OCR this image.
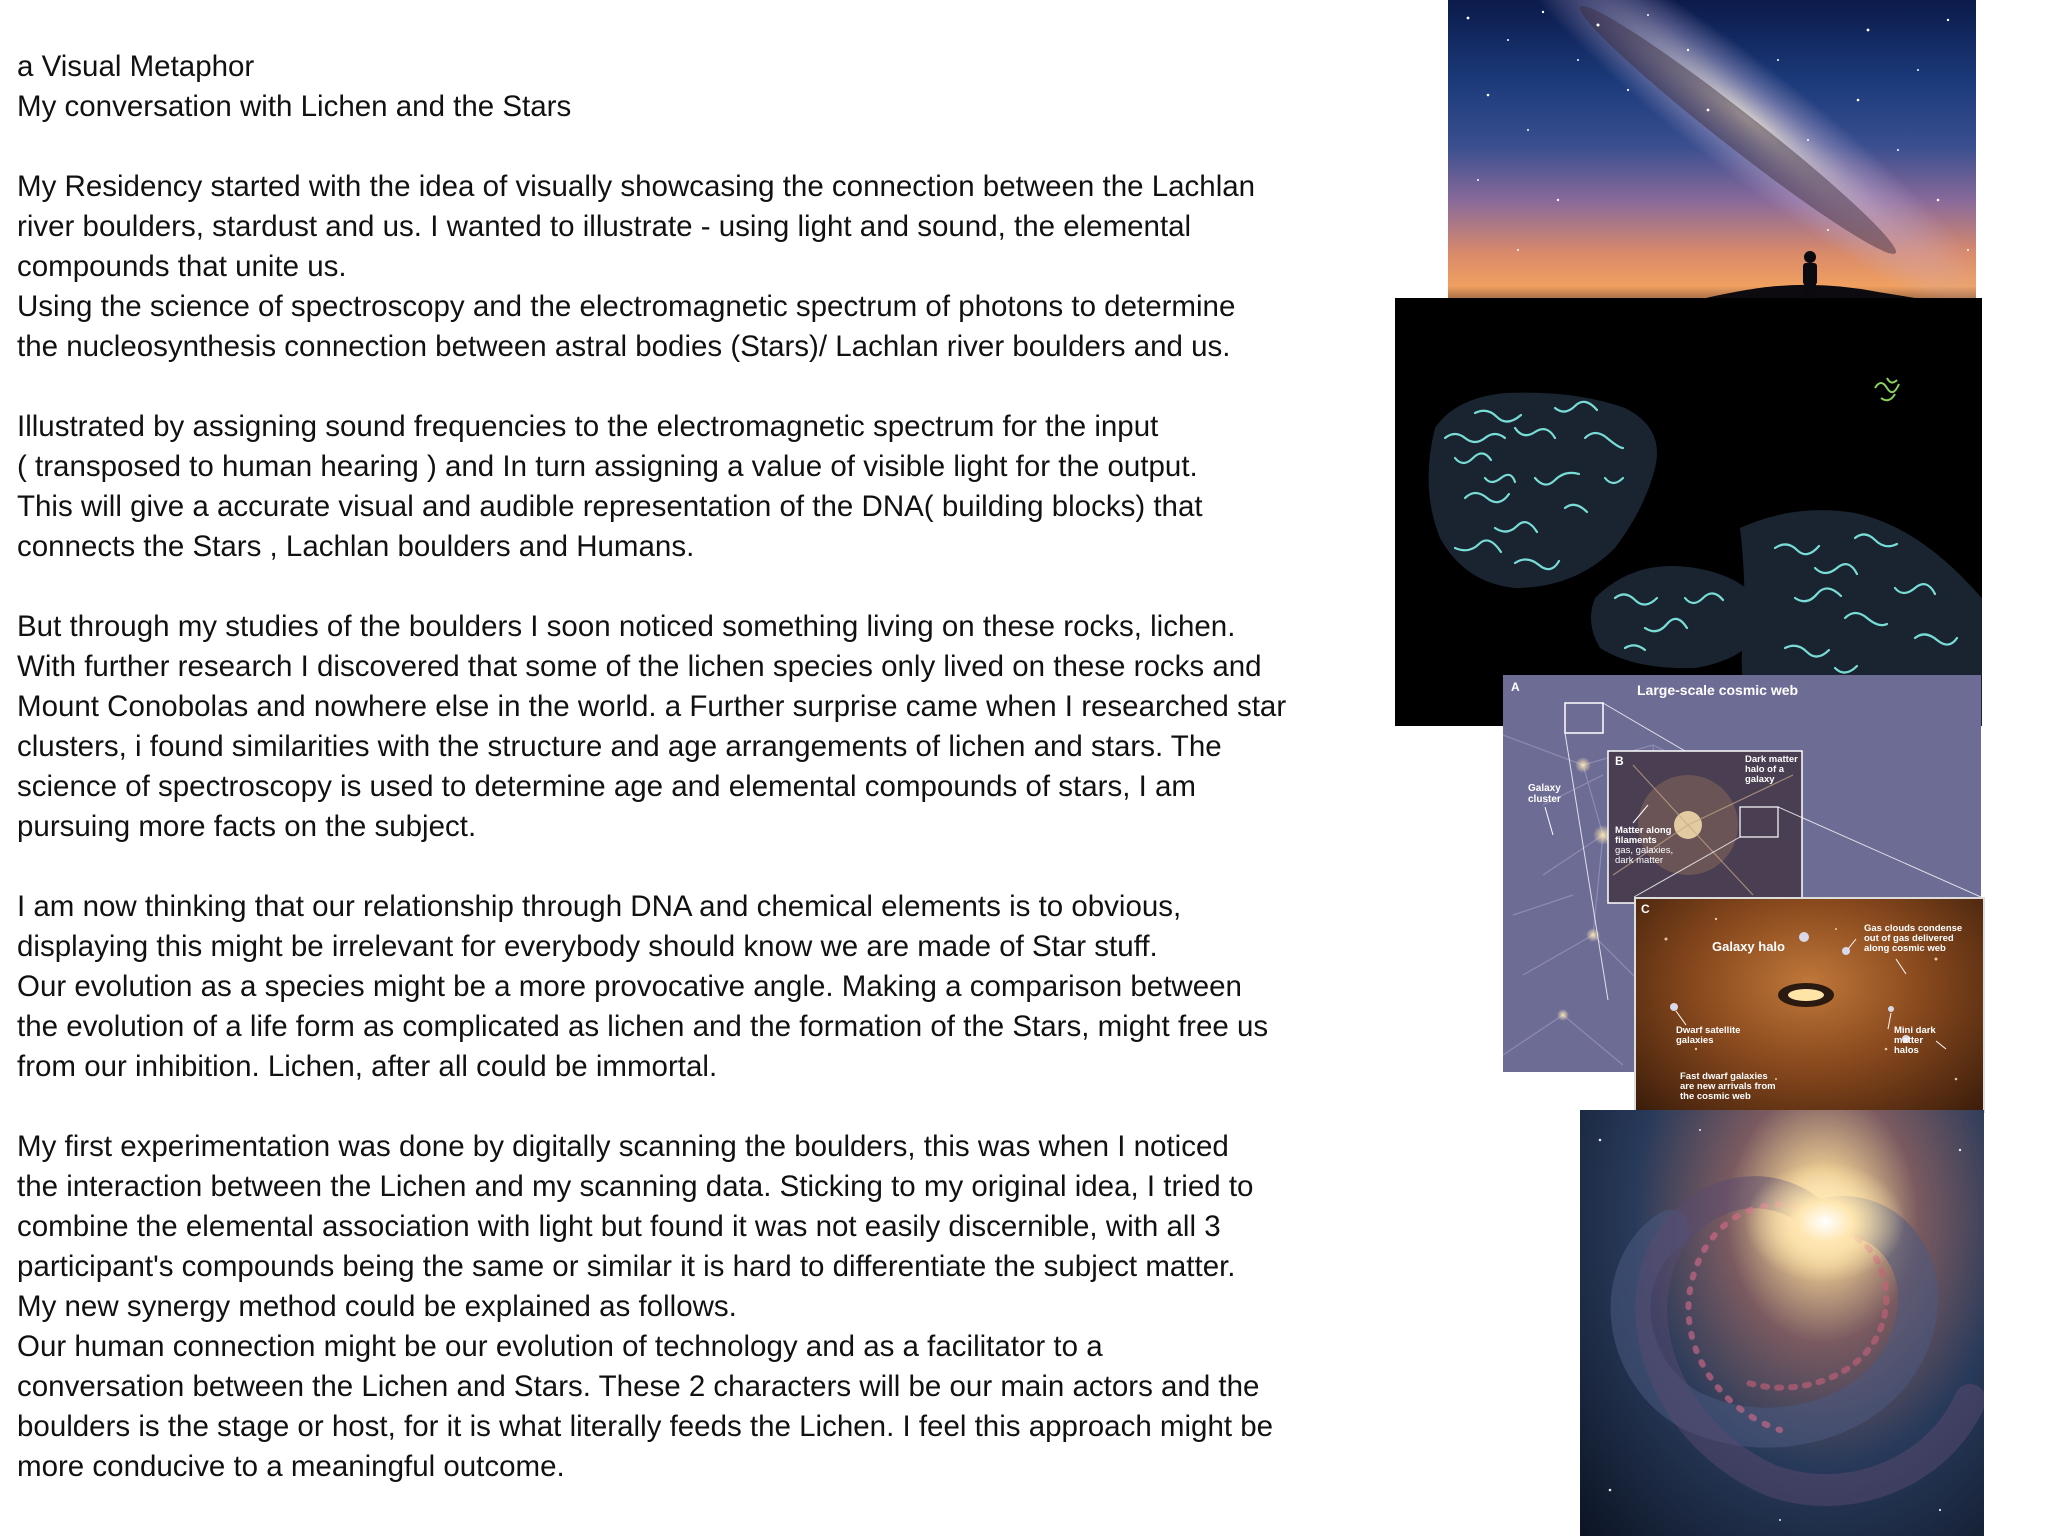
a Visual Metaphor
My conversation with Lichen and the Stars
My Residency started with the idea of visually showcasing the connection between the Lachlan
river boulders, stardust and us. I wanted to illustrate - using light and sound, the elemental
compounds that unite us.
Using the science of spectroscopy and the electromagnetic spectrum of photons to determine
the nucleosynthesis connection between astral bodies (Stars)/ Lachlan river boulders and us.
Illustrated by assigning sound frequencies to the electromagnetic spectrum for the input
( transposed to human hearing ) and In turn assigning a value of visible light for the output.
This will give a accurate visual and audible representation of the DNA( building blocks) that
connects the Stars , Lachlan boulders and Humans.
But through my studies of the boulders I soon noticed something living on these rocks, lichen.
With further research I discovered that some of the lichen species only lived on these rocks and
Mount Conobolas and nowhere else in the world. a Further surprise came when I researched star
clusters, i found similarities with the structure and age arrangements of lichen and stars. The
science of spectroscopy is used to determine age and elemental compounds of stars, I am
pursuing more facts on the subject.
I am now thinking that our relationship through DNA and chemical elements is to obvious,
displaying this might be irrelevant for everybody should know we are made of Star stuff.
Our evolution as a species might be a more provocative angle. Making a comparison between
the evolution of a life form as complicated as lichen and the formation of the Stars, might free us
from our inhibition. Lichen, after all could be immortal.
My first experimentation was done by digitally scanning the boulders, this was when I noticed
the interaction between the Lichen and my scanning data. Sticking to my original idea, I tried to
combine the elemental association with light but found it was not easily discernible, with all 3
participant's compounds being the same or similar it is hard to differentiate the subject matter.
My new synergy method could be explained as follows.
Our human connection might be our evolution of technology and as a facilitator to a
conversation between the Lichen and Stars. These 2 characters will be our main actors and the
boulders is the stage or host, for it is what literally feeds the Lichen. I feel this approach might be
more conducive to a meaningful outcome.
A	Large-scale cosmic web
Galaxy cluster
B	Dark matter halo of a galaxy
Matter along filaments gas, galaxies, dark matter
C
Galaxy halo
Gas clouds condense out of gas delivered along cosmic web
Dwarf satellite galaxies
Mini dark matter halos
Fast dwarf galaxies are new arrivals from the cosmic web
